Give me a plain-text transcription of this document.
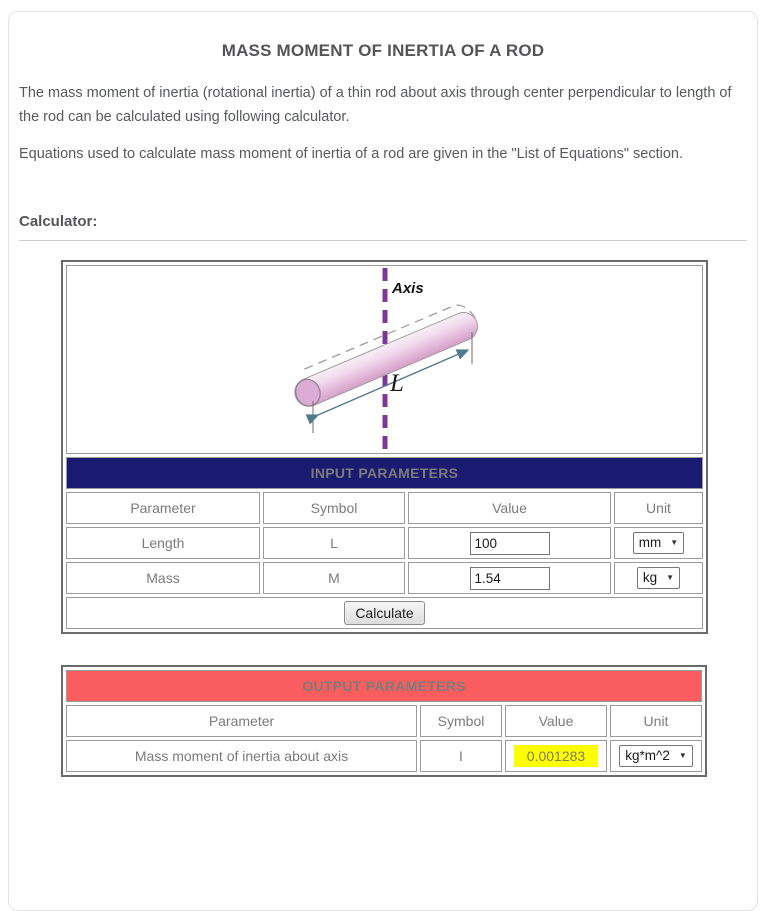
MASS MOMENT OF INERTIA OF A ROD

The mass moment of inertia (rotational inertia) of a thin rod about axis through center perpendicular to length of the rod can be calculated using following calculator.

Equations used to calculate mass moment of inertia of a rod are given in the "List of Equations" section.

Calculator:
L
Axis			

INPUT PARAMETERS			
Parameter	Symbol	Value	Unit
Length	L	100	mm ▼

Mass	M	1.54	kg ▼

Calculate			
OUTPUT PARAMETERS			
Parameter	Symbol	Value	Unit
Mass moment of inertia about axis	I	0.001283	kg*m^2 ▼
